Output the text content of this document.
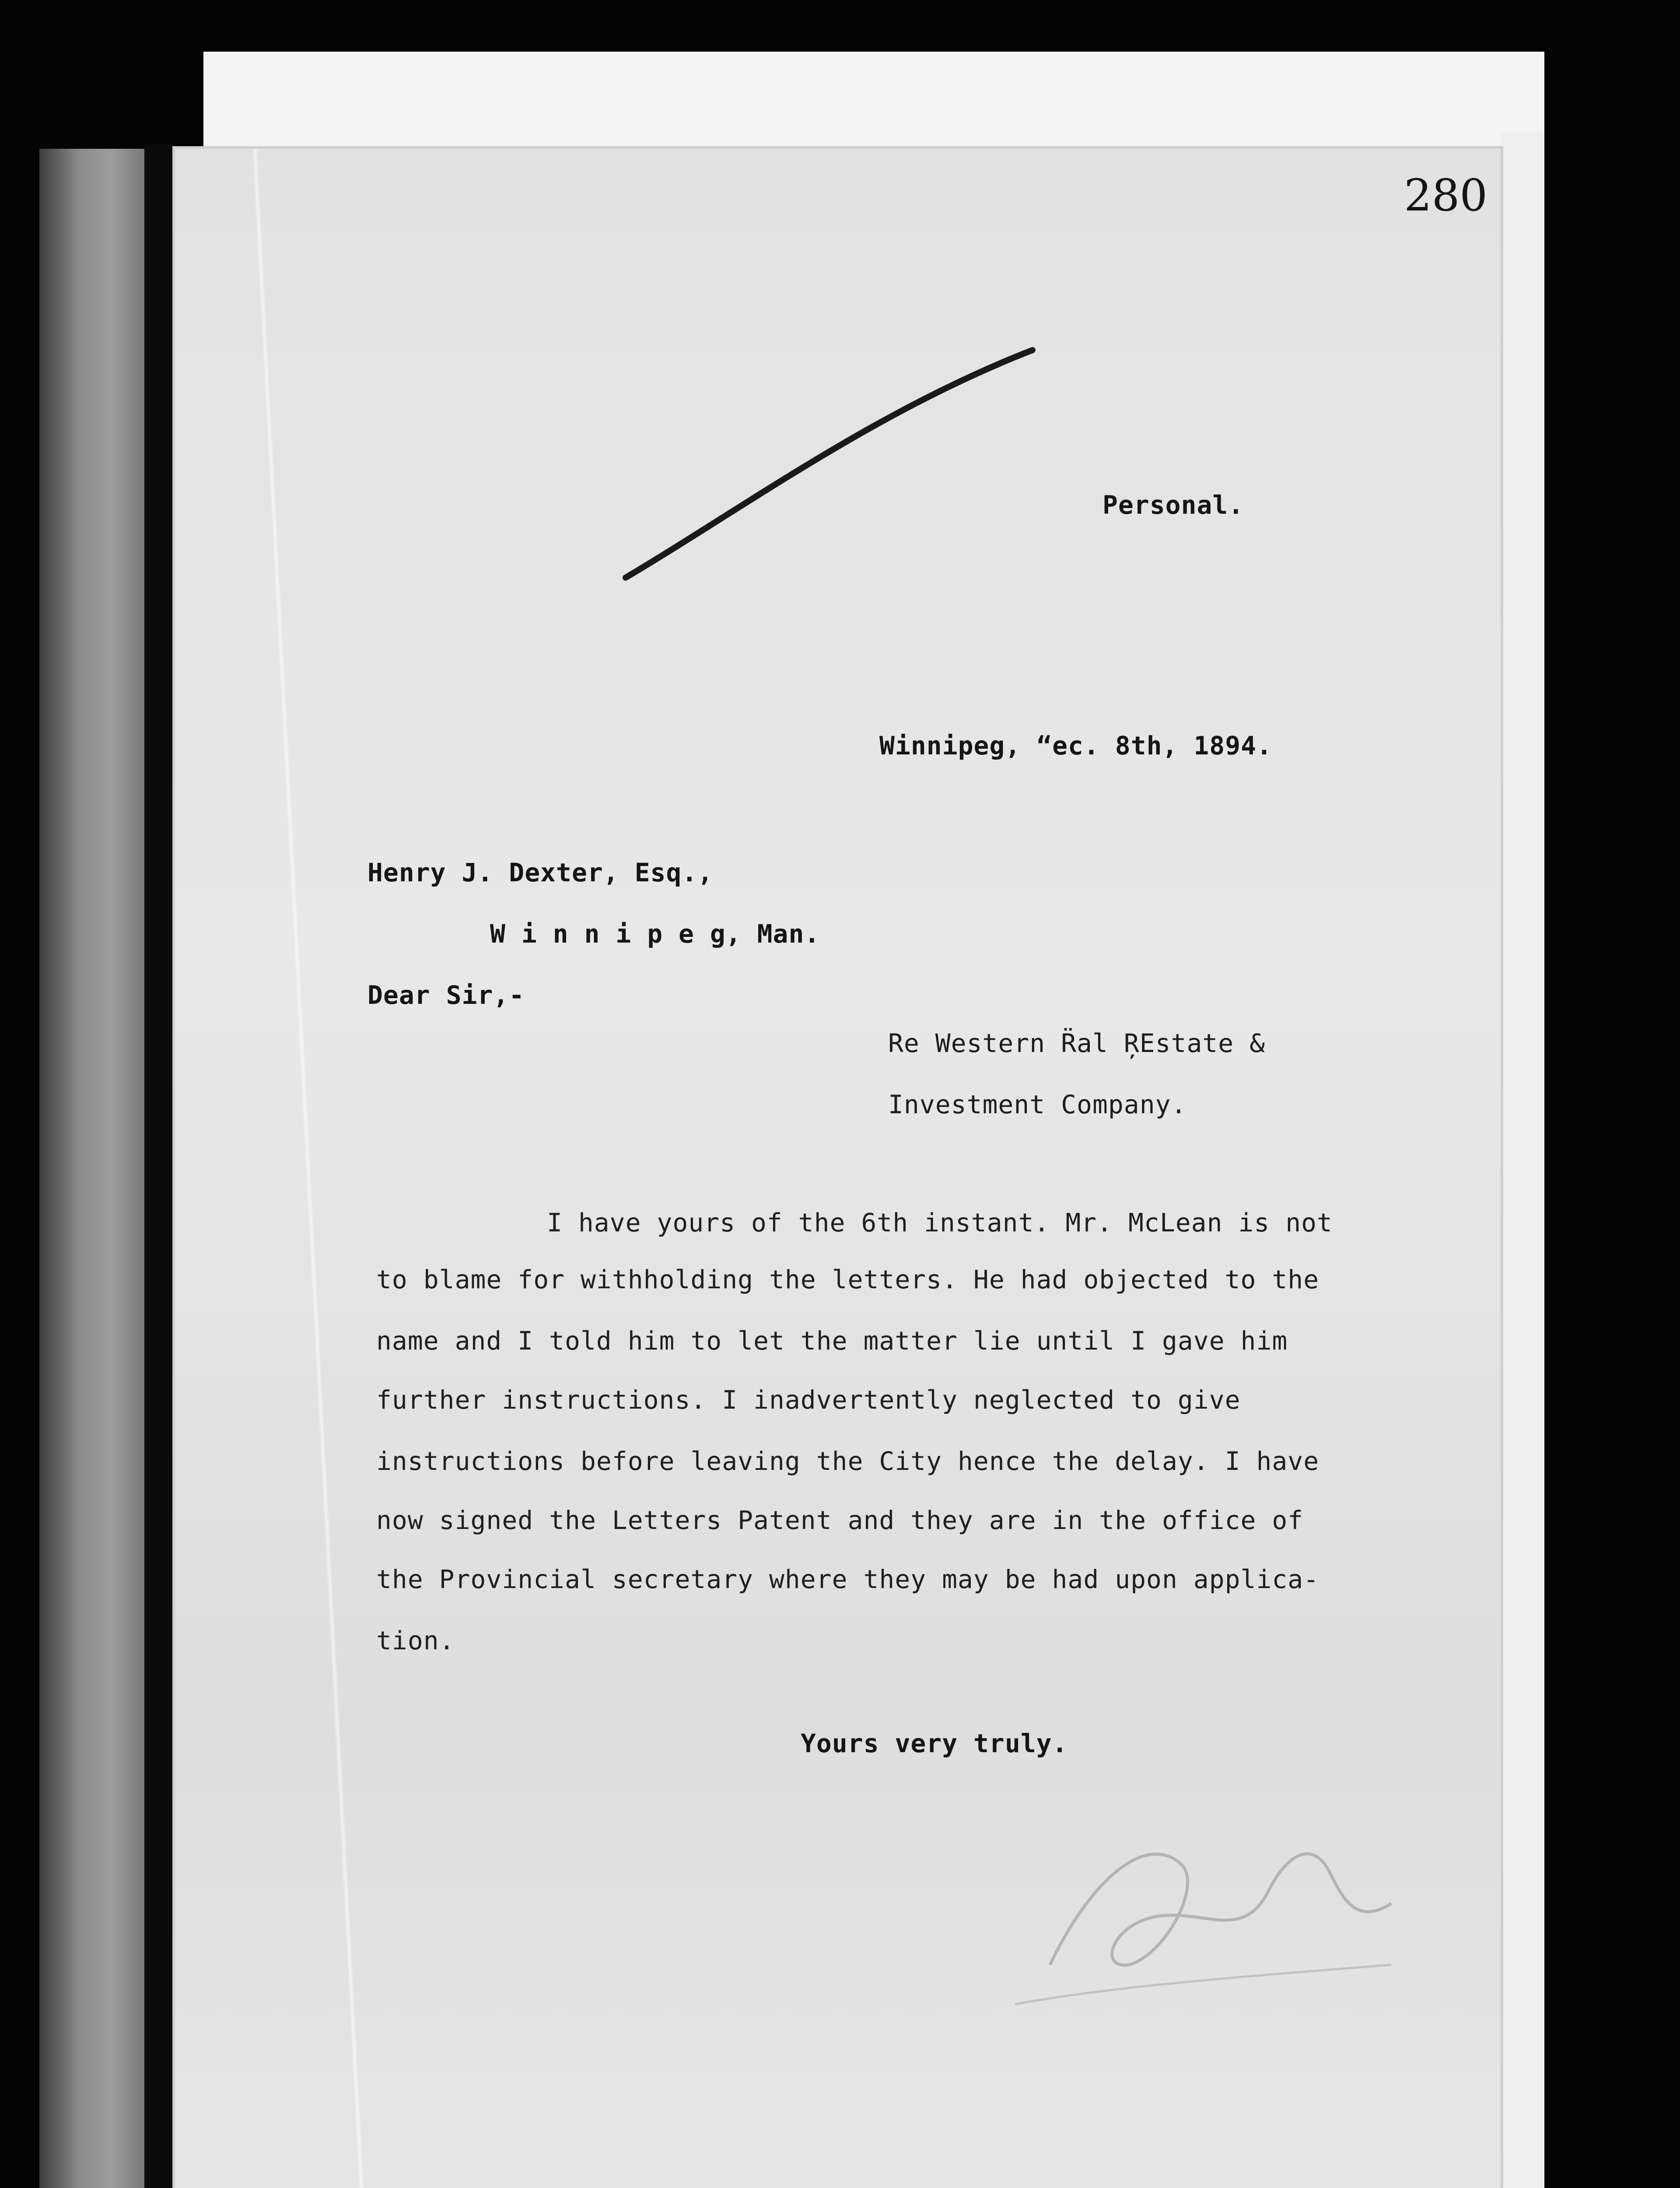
280
Personal.
Winnipeg, “ec. 8th, 1894.
Henry J. Dexter, Esq.,
W i n n i p e g, Man.
Dear Sir,-
Re Western R̈al ŖEstate &
Investment Company.
I have yours of the 6th instant. Mr. McLean is not
to blame for withholding the letters. He had objected to the
name and I told him to let the matter lie until I gave him
further instructions. I inadvertently neglected to give
instructions before leaving the City hence the delay. I have
now signed the Letters Patent and they are in the office of
the Provincial secretary where they may be had upon applica-
tion.
Yours very truly.
